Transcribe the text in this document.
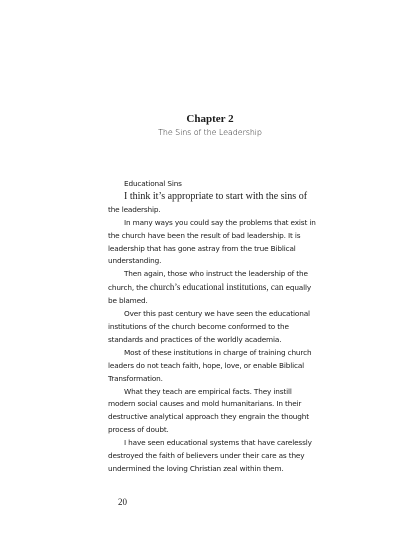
Chapter 2
The Sins of the Leadership

Educational Sins

I think it’s appropriate to start with the sins of the leadership.

In many ways you could say the problems that exist in the church have been the result of bad leadership. It is leadership that has gone astray from the true Biblical understanding.

Then again, those who instruct the leadership of the church, the church’s educational institutions, can equally be blamed.

Over this past century we have seen the educational institutions of the church become conformed to the standards and practices of the worldly academia.

Most of these institutions in charge of training church leaders do not teach faith, hope, love, or enable Biblical Transformation.

What they teach are empirical facts. They instill modern social causes and mold humanitarians. In their destructive analytical approach they engrain the thought process of doubt.

I have seen educational systems that have carelessly destroyed the faith of believers under their care as they undermined the loving Christian zeal within them.

20
